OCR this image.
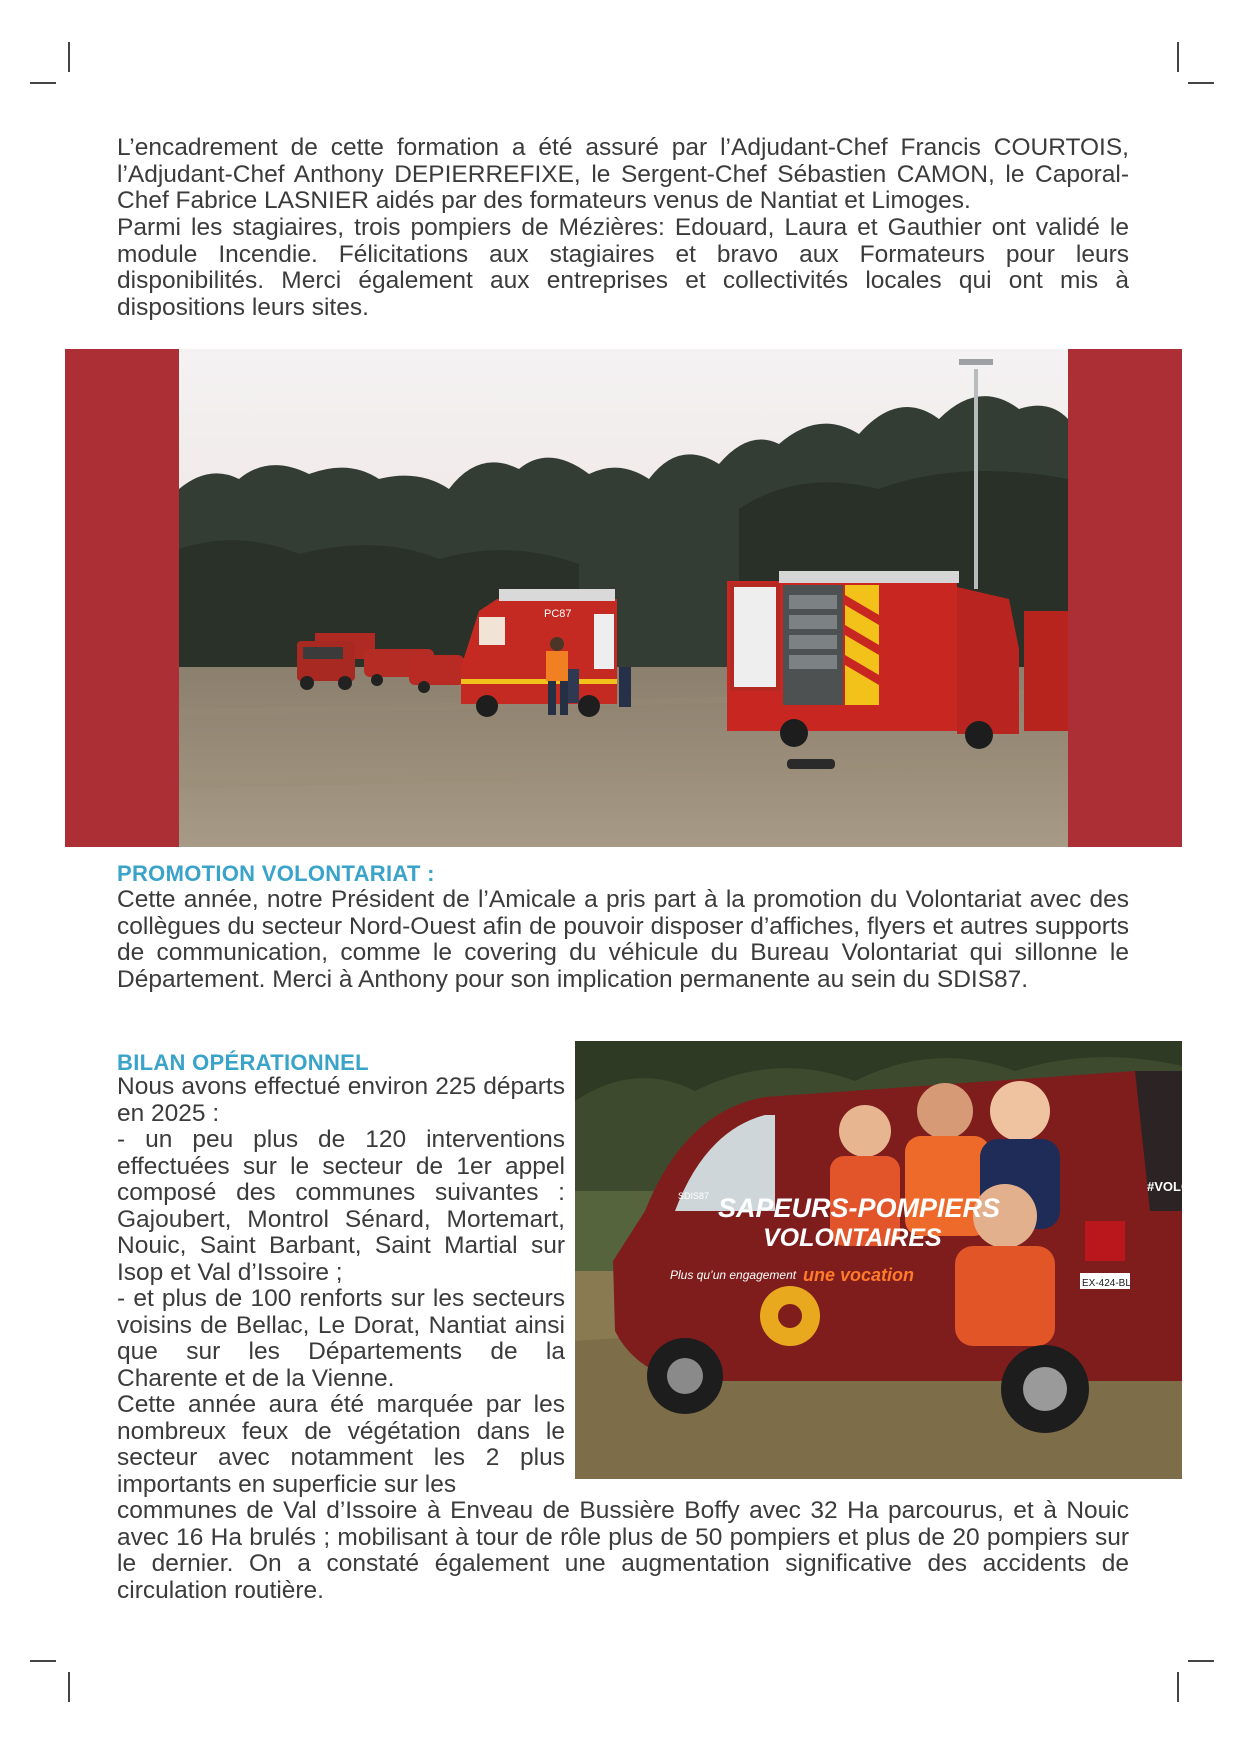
L’encadrement de cette formation a été assuré par l’Adjudant-Chef Francis COURTOIS, l’Adjudant-Chef Anthony DEPIERREFIXE, le Sergent-Chef Sébastien CAMON, le Caporal-Chef Fabrice LASNIER aidés par des formateurs venus de Nantiat et Limoges.

Parmi les stagiaires, trois pompiers de Mézières: Edouard, Laura et Gauthier ont validé le module Incendie. Félicitations aux stagiaires et bravo aux Formateurs pour leurs disponibilités. Merci également aux entreprises et collectivités locales qui ont mis à dispositions leurs sites.

PC87
PROMOTION VOLONTARIAT :

Cette année, notre Président de l’Amicale a pris part à la promotion du Volontariat avec des collègues du secteur Nord-Ouest afin de pouvoir disposer d’affiches, flyers et autres supports de communication, comme le covering du véhicule du Bureau Volontariat qui sillonne le Département. Merci à Anthony pour son implication permanente au sein du SDIS87.

BILAN OPÉRATIONNEL
Nous avons effectué environ 225 départs en 2025 :
- un peu plus de 120 interventions effectuées sur le secteur de 1er appel composé des communes suivantes : Gajoubert, Montrol Sénard, Mortemart, Nouic, Saint Barbant, Saint Martial sur Isop et Val d’Issoire ;
- et plus de 100 renforts sur les secteurs voisins de Bellac, Le Dorat, Nantiat ainsi que sur les Départements de la Charente et de la Vienne.
Cette année aura été marquée par les nombreux feux de végétation dans le secteur avec notamment les 2 plus importants en superficie sur les

communes de Val d’Issoire à Enveau de Bussière Boffy avec 32 Ha parcourus, et à Nouic avec 16 Ha brulés ; mobilisant à tour de rôle plus de 50 pompiers et plus de 20 pompiers sur le dernier. On a constaté également une augmentation significative des accidents de circulation routière.

SAPEURS-POMPIERS
VOLONTAIRES
Plus qu’un engagement une vocation
#VOLONT
SDIS87
EX-424-BL
